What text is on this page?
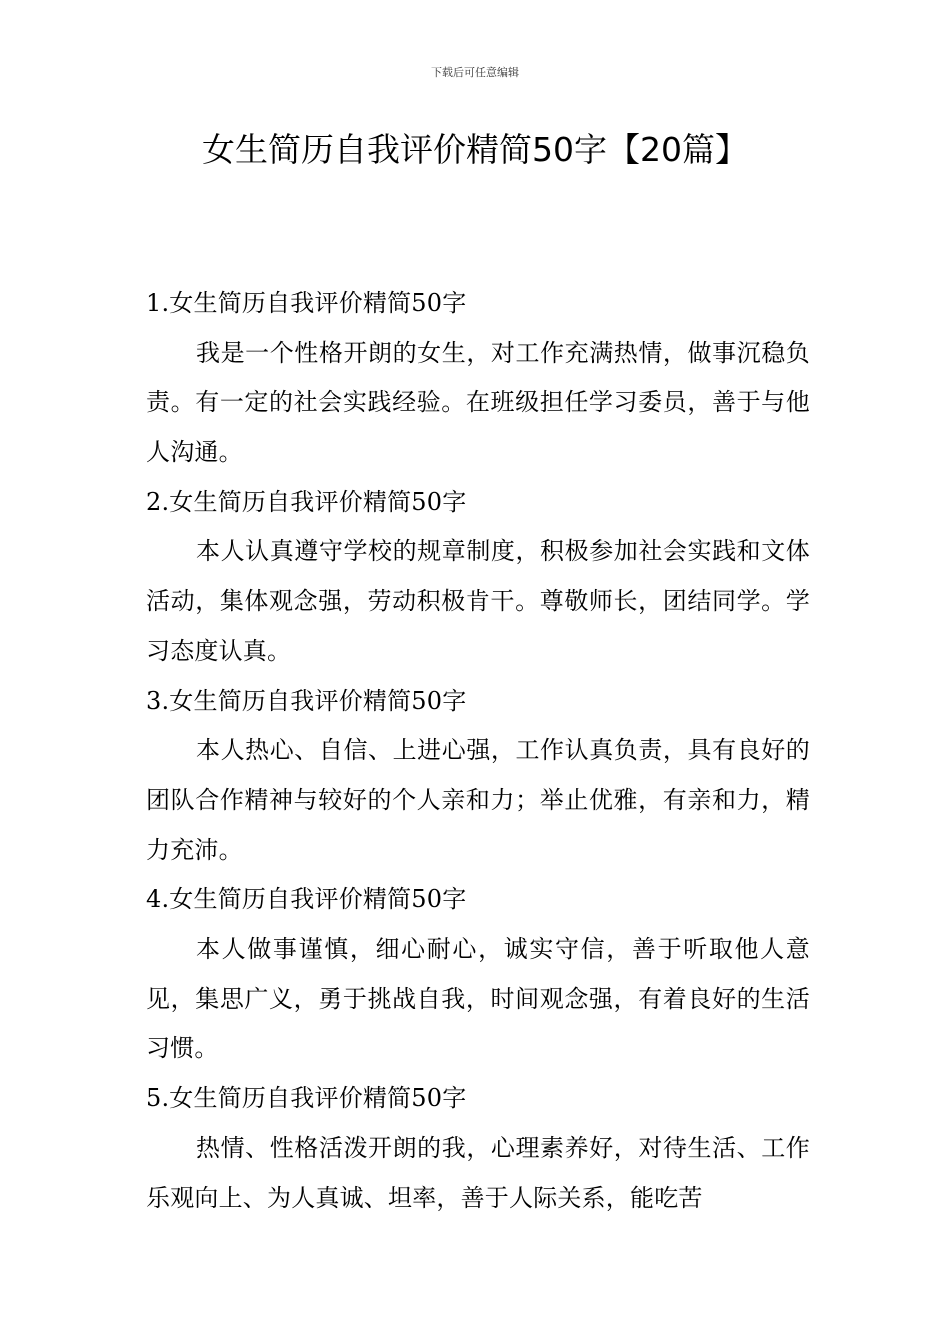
下载后可任意编辑
女生简历自我评价精简50字【20篇】
1.女生简历自我评价精简50字

我是一个性格开朗的女生，对工作充满热情，做事沉稳负责。有一定的社会实践经验。在班级担任学习委员，善于与他人沟通。

2.女生简历自我评价精简50字

本人认真遵守学校的规章制度，积极参加社会实践和文体活动，集体观念强，劳动积极肯干。尊敬师长，团结同学。学习态度认真。

3.女生简历自我评价精简50字

本人热心、自信、上进心强，工作认真负责，具有良好的团队合作精神与较好的个人亲和力；举止优雅，有亲和力，精力充沛。

4.女生简历自我评价精简50字

本人做事谨慎，细心耐心，诚实守信，善于听取他人意见，集思广义，勇于挑战自我，时间观念强，有着良好的生活习惯。

5.女生简历自我评价精简50字

热情、性格活泼开朗的我，心理素养好，对待生活、工作乐观向上、为人真诚、坦率，善于人际关系，能吃苦
